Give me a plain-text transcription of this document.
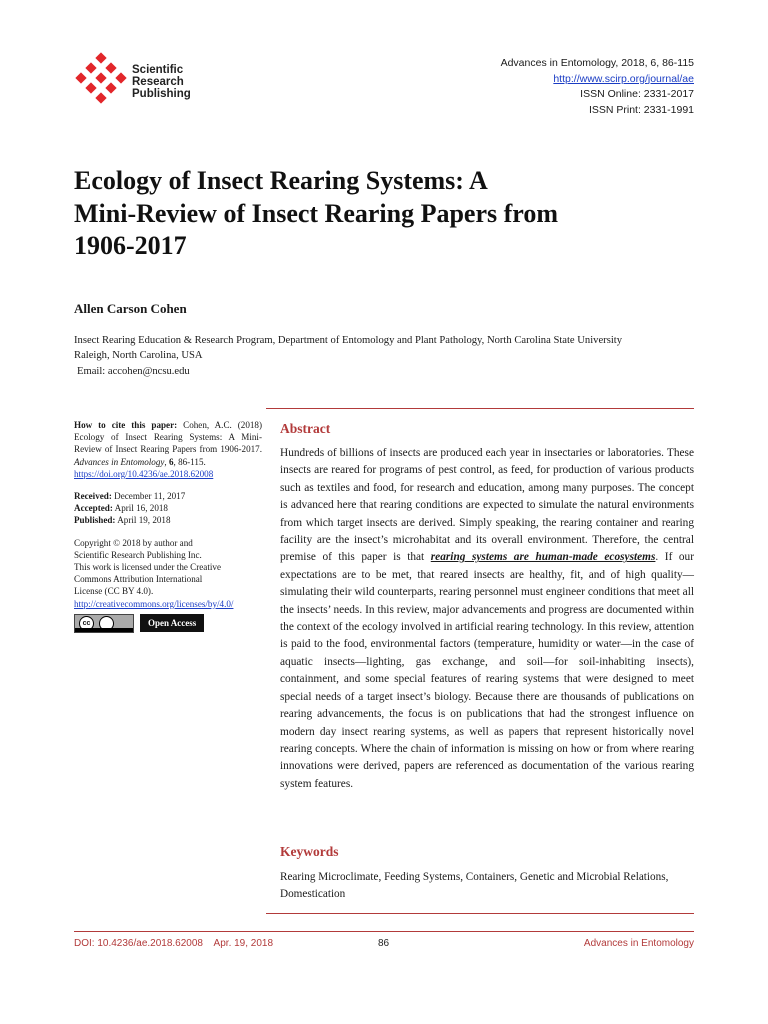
Scientific
Research
Publishing
Advances in Entomology, 2018, 6, 86-115
http://www.scirp.org/journal/ae
ISSN Online: 2331-2017
ISSN Print: 2331-1991
Ecology of Insect Rearing Systems: A
Mini-Review of Insect Rearing Papers from
1906-2017
Allen Carson Cohen
Insect Rearing Education & Research Program, Department of Entomology and Plant Pathology, North Carolina State University
Raleigh, North Carolina, USA
Email: accohen@ncsu.edu
How to cite this paper: Cohen, A.C. (2018) Ecology of Insect Rearing Systems: A Mini-Review of Insect Rearing Papers from 1906-2017. Advances in Entomology, 6, 86-115.
https://doi.org/10.4236/ae.2018.62008
Received: December 11, 2017
Accepted: April 16, 2018
Published: April 19, 2018
Copyright © 2018 by author and
Scientific Research Publishing Inc.
This work is licensed under the Creative
Commons Attribution International
License (CC BY 4.0).
http://creativecommons.org/licenses/by/4.0/
cc	Open Access
Abstract
Hundreds of billions of insects are produced each year in insectaries or laboratories. These insects are reared for programs of pest control, as feed, for production of various products such as textiles and food, for research and education, among many purposes. The concept is advanced here that rearing conditions are expected to simulate the natural environments from which target insects are derived. Simply speaking, the rearing container and rearing facility are the insect’s microhabitat and its overall environment. Therefore, the central premise of this paper is that rearing systems are human-made ecosystems. If our expectations are to be met, that reared insects are healthy, fit, and of high quality—simulating their wild counterparts, rearing personnel must engineer conditions that meet all the insects’ needs. In this review, major advancements and progress are documented within the context of the ecology involved in artificial rearing technology. In this review, attention is paid to the food, environmental factors (temperature, humidity or water—in the case of aquatic insects—lighting, gas exchange, and soil—for soil-inhabiting insects), containment, and some special features of rearing systems that were designed to meet special needs of a target insect’s biology. Because there are thousands of publications on rearing advancements, the focus is on publications that had the strongest influence on modern day insect rearing systems, as well as papers that represent historically novel rearing concepts. Where the chain of information is missing on how or from where rearing innovations were derived, papers are referenced as documentation of the various rearing system features.
Keywords
Rearing Microclimate, Feeding Systems, Containers, Genetic and Microbial Relations, Domestication
DOI: 10.4236/ae.2018.62008    Apr. 19, 2018	86	Advances in Entomology
